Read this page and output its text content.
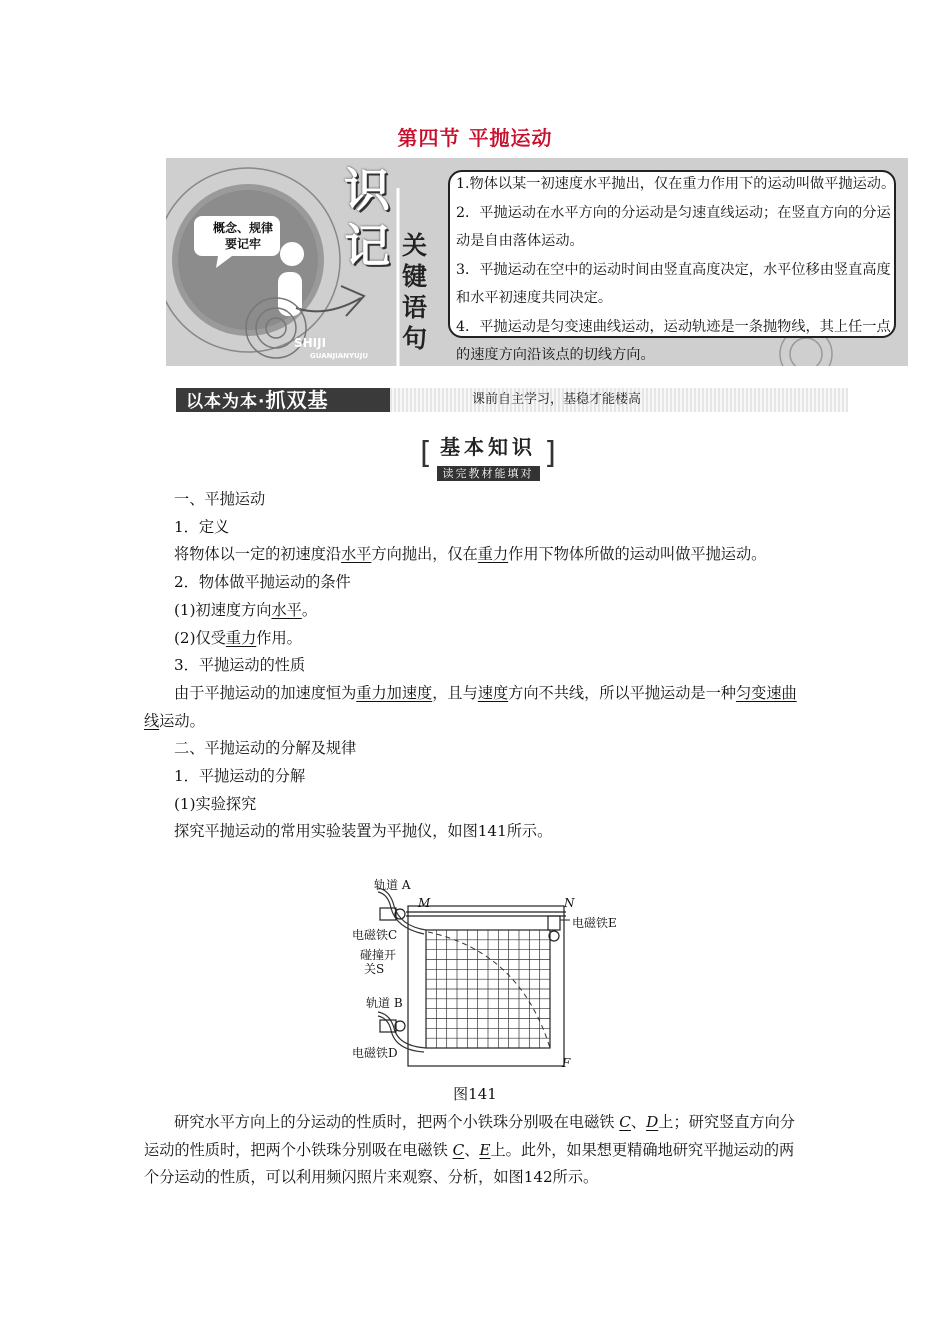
第四节 平抛运动
概念、规律
要记牢
识
记 关
键
语
句
SHIJI
GUANJIANYUJU

1.物体以某一初速度水平抛出，仅在重力作用下的运动叫做平抛运动。

2．平抛运动在水平方向的分运动是匀速直线运动；在竖直方向的分运动是自由落体运动。

3．平抛运动在空中的运动时间由竖直高度决定，水平位移由竖直高度和水平初速度共同决定。

4．平抛运动是匀变速曲线运动，运动轨迹是一条抛物线，其上任一点的速度方向沿该点的切线方向。

以本为本·抓双基	课前自主学习，基稳才能楼高
[ 基本知识
读完教材能填对
]

一、平抛运动

1．定义

将物体以一定的初速度沿水平方向抛出，仅在重力作用下物体所做的运动叫做平抛运动。

2．物体做平抛运动的条件

(1)初速度方向水平。

(2)仅受重力作用。

3．平抛运动的性质

由于平抛运动的加速度恒为重力加速度，且与速度方向不共线，所以平抛运动是一种匀变速曲线运动。

二、平抛运动的分解及规律

1．平抛运动的分解

(1)实验探究

探究平抛运动的常用实验装置为平抛仪，如图141所示。

轨道 A
M	N
电磁铁E
电磁铁C
碰撞开
关S
轨道 B
电磁铁D
F
图141

研究水平方向上的分运动的性质时，把两个小铁珠分别吸在电磁铁 C、D上；研究竖直方向分运动的性质时，把两个小铁珠分别吸在电磁铁 C、E上。此外，如果想更精确地研究平抛运动的两个分运动的性质，可以利用频闪照片来观察、分析，如图142所示。
